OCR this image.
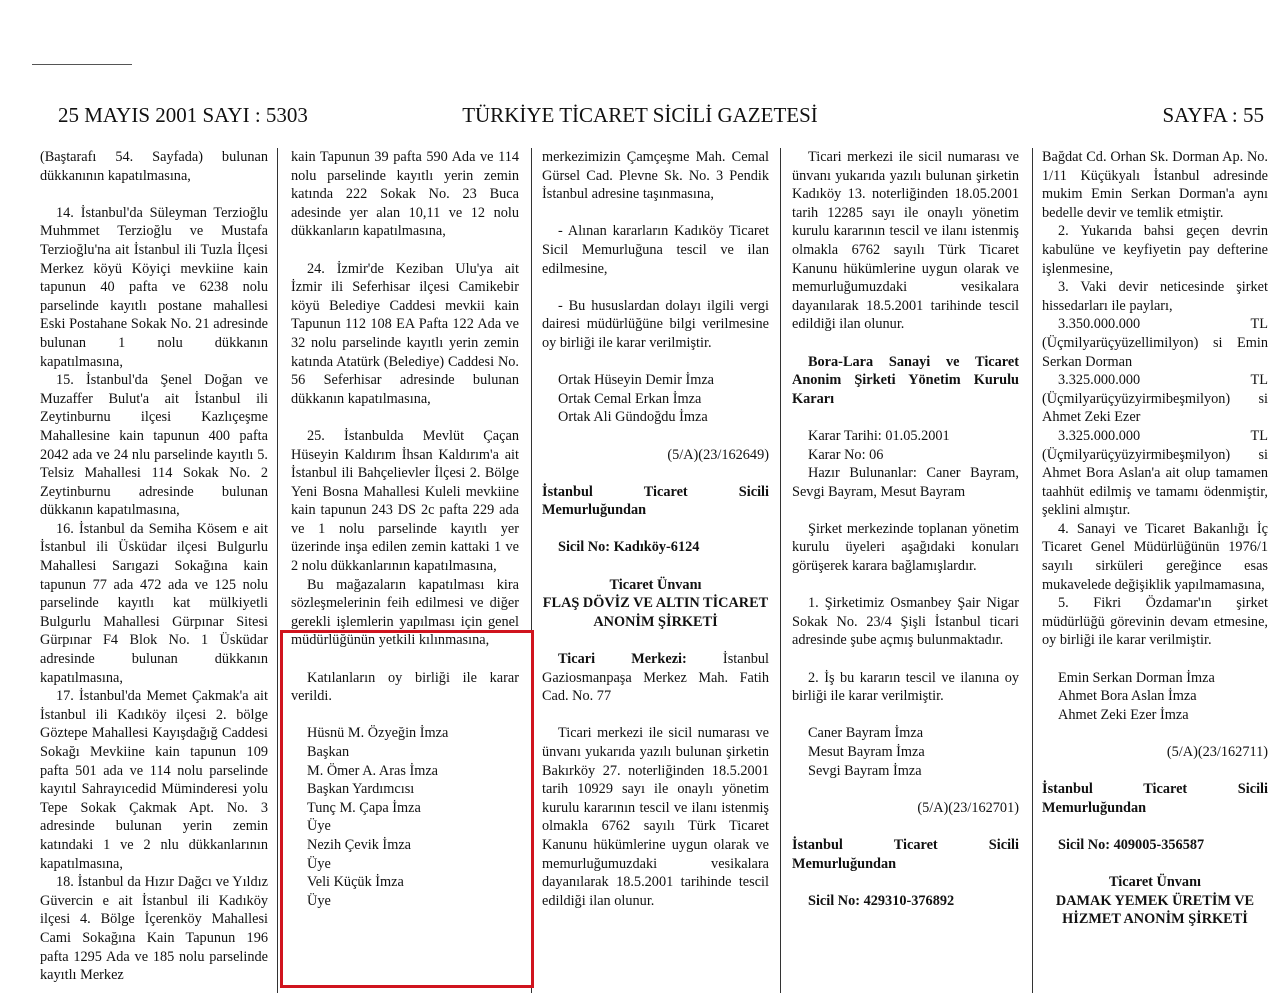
25 MAYIS 2001 SAYI : 5303	TÜRKİYE TİCARET SİCİLİ GAZETESİ	SAYFA : 55

(Baştarafı 54. Sayfada) bulunan dükkanının kapatılmasına,

14. İstanbul'da Süleyman Terzioğlu Muhmmet Terzioğlu ve Mustafa Terzioğlu'na ait İstanbul ili Tuzla İlçesi Merkez köyü Köyiçi mevkiine kain tapunun 40 pafta ve 6238 nolu parselinde kayıtlı postane mahallesi Eski Postahane Sokak No. 21 adresinde bulunan 1 nolu dükkanın kapatılmasına,

15. İstanbul'da Şenel Doğan ve Muzaffer Bulut'a ait İstanbul ili Zeytinburnu ilçesi Kazlıçeşme Mahallesine kain tapunun 400 pafta 2042 ada ve 24 nlu parselinde kayıtlı 5. Telsiz Mahallesi 114 Sokak No. 2 Zeytinburnu adresinde bulunan dükkanın kapatılmasına,

16. İstanbul da Semiha Kösem e ait İstanbul ili Üsküdar ilçesi Bulgurlu Mahallesi Sarıgazi Sokağına kain tapunun 77 ada 472 ada ve 125 nolu parselinde kayıtlı kat mülkiyetli Bulgurlu Mahallesi Gürpınar Sitesi Gürpınar F4 Blok No. 1 Üsküdar adresinde bulunan dükkanın kapatılmasına,

17. İstanbul'da Memet Çakmak'a ait İstanbul ili Kadıköy ilçesi 2. bölge Göztepe Mahallesi Kayışdağığ Caddesi Sokağı Mevkiine kain tapunun 109 pafta 501 ada ve 114 nolu parselinde kayıtıl Sahrayıcedid Müminderesi yolu Tepe Sokak Çakmak Apt. No. 3 adresinde bulunan yerin zemin katındaki 1 ve 2 nlu dükkanlarının kapatılmasına,

18. İstanbul da Hızır Dağcı ve Yıldız Güvercin e ait İstanbul ili Kadıköy ilçesi 4. Bölge İçerenköy Mahallesi Cami Sokağına Kain Tapunun 196 pafta 1295 Ada ve 185 nolu parselinde kayıtlı Merkez

kain Tapunun 39 pafta 590 Ada ve 114 nolu parselinde kayıtlı yerin zemin katında 222 Sokak No. 23 Buca adesinde yer alan 10,11 ve 12 nolu dükkanların kapatılmasına,

24. İzmir'de Keziban Ulu'ya ait İzmir ili Seferhisar ilçesi Camikebir köyü Belediye Caddesi mevkii kain Tapunun 112 108 EA Pafta 122 Ada ve 32 nolu parselinde kayıtlı yerin zemin katında Atatürk (Belediye) Caddesi No. 56 Seferhisar adresinde bulunan dükkanın kapatılmasına,

25. İstanbulda Mevlüt Çaçan Hüseyin Kaldırım İhsan Kaldırım'a ait İstanbul ili Bahçelievler İlçesi 2. Bölge Yeni Bosna Mahallesi Kuleli mevkiine kain tapunun 243 DS 2c pafta 229 ada ve 1 nolu parselinde kayıtlı yer üzerinde inşa edilen zemin kattaki 1 ve 2 nolu dükkanlarının kapatılmasına,

Bu mağazaların kapatılması kira sözleşmelerinin feih edilmesi ve diğer gerekli işlemlerin yapılması için genel müdürlüğünün yetkili kılınmasına,

Katılanların oy birliği ile karar verildi.

Hüsnü M. Özyeğin İmza

Başkan

M. Ömer A. Aras İmza

Başkan Yardımcısı

Tunç M. Çapa İmza

Üye

Nezih Çevik İmza

Üye

Veli Küçük İmza

Üye

merkezimizin Çamçeşme Mah. Cemal Gürsel Cad. Plevne Sk. No. 3 Pendik İstanbul adresine taşınmasına,

- Alınan kararların Kadıköy Ticaret Sicil Memurluğuna tescil ve ilan edilmesine,

- Bu hususlardan dolayı ilgili vergi dairesi müdürlüğüne bilgi verilmesine oy birliği ile karar verilmiştir.

Ortak Hüseyin Demir İmza

Ortak Cemal Erkan İmza

Ortak Ali Gündoğdu İmza

(5/A)(23/162649)

İstanbul Ticaret Sicili Memurluğundan

Sicil No: Kadıköy-6124

Ticaret Ünvanı

FLAŞ DÖVİZ VE ALTIN TİCARET ANONİM ŞİRKETİ

Ticari Merkezi: İstanbul Gaziosmanpaşa Merkez Mah. Fatih Cad. No. 77

Ticari merkezi ile sicil numarası ve ünvanı yukarıda yazılı bulunan şirketin Bakırköy 27. noterliğinden 18.5.2001 tarih 10929 sayı ile onaylı yönetim kurulu kararının tescil ve ilanı istenmiş olmakla 6762 sayılı Türk Ticaret Kanunu hükümlerine uygun olarak ve memurluğumuzdaki vesikalara dayanılarak 18.5.2001 tarihinde tescil edildiği ilan olunur.

Ticari merkezi ile sicil numarası ve ünvanı yukarıda yazılı bulunan şirketin Kadıköy 13. noterliğinden 18.05.2001 tarih 12285 sayı ile onaylı yönetim kurulu kararının tescil ve ilanı istenmiş olmakla 6762 sayılı Türk Ticaret Kanunu hükümlerine uygun olarak ve memurluğumuzdaki vesikalara dayanılarak 18.5.2001 tarihinde tescil edildiği ilan olunur.

Bora-Lara Sanayi ve Ticaret Anonim Şirketi Yönetim Kurulu Kararı

Karar Tarihi: 01.05.2001

Karar No: 06

Hazır Bulunanlar: Caner Bayram, Sevgi Bayram, Mesut Bayram

Şirket merkezinde toplanan yönetim kurulu üyeleri aşağıdaki konuları görüşerek karara bağlamışlardır.

1. Şirketimiz Osmanbey Şair Nigar Sokak No. 23/4 Şişli İstanbul ticari adresinde şube açmış bulunmaktadır.

2. İş bu kararın tescil ve ilanına oy birliği ile karar verilmiştir.

Caner Bayram İmza

Mesut Bayram İmza

Sevgi Bayram İmza

(5/A)(23/162701)

İstanbul Ticaret Sicili Memurluğundan

Sicil No: 429310-376892

Bağdat Cd. Orhan Sk. Dorman Ap. No. 1/11 Küçükyalı İstanbul adresinde mukim Emin Serkan Dorman'a aynı bedelle devir ve temlik etmiştir.

2. Yukarıda bahsi geçen devrin kabulüne ve keyfiyetin pay defterine işlenmesine,

3. Vaki devir neticesinde şirket hissedarları ile payları,

3.350.000.000 TL (Üçmilyarüçyüzellimilyon) si Emin Serkan Dorman

3.325.000.000 TL (Üçmilyarüçyüzyirmibeşmilyon) si Ahmet Zeki Ezer

3.325.000.000 TL (Üçmilyarüçyüzyirmibeşmilyon) si Ahmet Bora Aslan'a ait olup tamamen taahhüt edilmiş ve tamamı ödenmiştir, şeklini almıştır.

4. Sanayi ve Ticaret Bakanlığı İç Ticaret Genel Müdürlüğünün 1976/1 sayılı sirküleri gereğince esas mukavelede değişiklik yapılmamasına,

5. Fikri Özdamar'ın şirket müdürlüğü görevinin devam etmesine, oy birliği ile karar verilmiştir.

Emin Serkan Dorman İmza

Ahmet Bora Aslan İmza

Ahmet Zeki Ezer İmza

(5/A)(23/162711)

İstanbul Ticaret Sicili Memurluğundan

Sicil No: 409005-356587

Ticaret Ünvanı

DAMAK YEMEK ÜRETİM VE HİZMET ANONİM ŞİRKETİ
